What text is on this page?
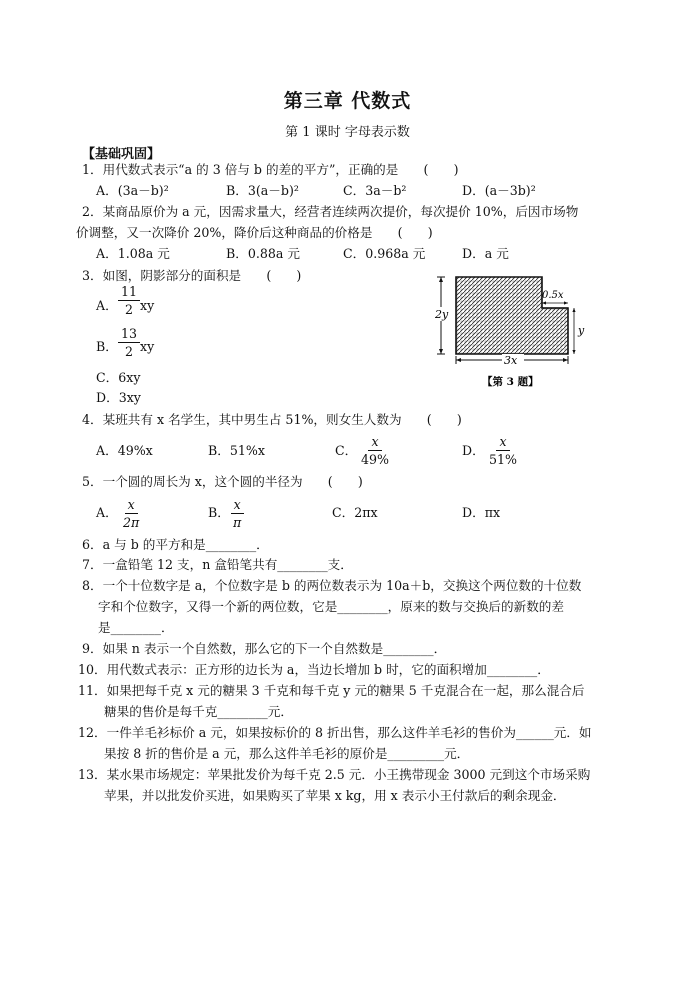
第三章 代数式
第 1 课时 字母表示数
【基础巩固】
1．用代数式表示“a 的 3 倍与 b 的差的平方”，正确的是　　(　　)
A．(3a－b)²	B．3(a－b)²	C．3a－b²	D．(a－3b)²
2．某商品原价为 a 元，因需求量大，经营者连续两次提价，每次提价 10%，后因市场物
价调整，又一次降价 20%，降价后这种商品的价格是　　(　　)
A．1.08a 元	B．0.88a 元	C．0.968a 元	D．a 元
3．如图，阴影部分的面积是　　(　　)
A． $\frac{11}{2}$ xy
B． $\frac{13}{2}$ xy
C．6xy
D．3xy
2y
3x
0.5x
y
【第 3 题】
4．某班共有 x 名学生，其中男生占 51%，则女生人数为　　(　　)
A．49%x	B．51%x	C． $\frac{x}{49\%}$	D． $\frac{x}{51\%}$
5．一个圆的周长为 x，这个圆的半径为　　(　　)
A． $\frac{x}{2\pi}$	B． $\frac{x}{\pi}$	C．2πx	D．πx
6．a 与 b 的平方和是________．
7．一盒铅笔 12 支，n 盒铅笔共有________支．
8．一个十位数字是 a，个位数字是 b 的两位数表示为 10a＋b，交换这个两位数的十位数
字和个位数字，又得一个新的两位数，它是________，原来的数与交换后的新数的差
是________．
9．如果 n 表示一个自然数，那么它的下一个自然数是________．
10．用代数式表示：正方形的边长为 a，当边长增加 b 时，它的面积增加________．
11．如果把每千克 x 元的糖果 3 千克和每千克 y 元的糖果 5 千克混合在一起，那么混合后
糖果的售价是每千克________元．
12．一件羊毛衫标价 a 元，如果按标价的 8 折出售，那么这件羊毛衫的售价为______元．如
果按 8 折的售价是 a 元，那么这件羊毛衫的原价是_________元．
13．某水果市场规定：苹果批发价为每千克 2.5 元．小王携带现金 3000 元到这个市场采购
苹果，并以批发价买进，如果购买了苹果 x kg，用 x 表示小王付款后的剩余现金．
